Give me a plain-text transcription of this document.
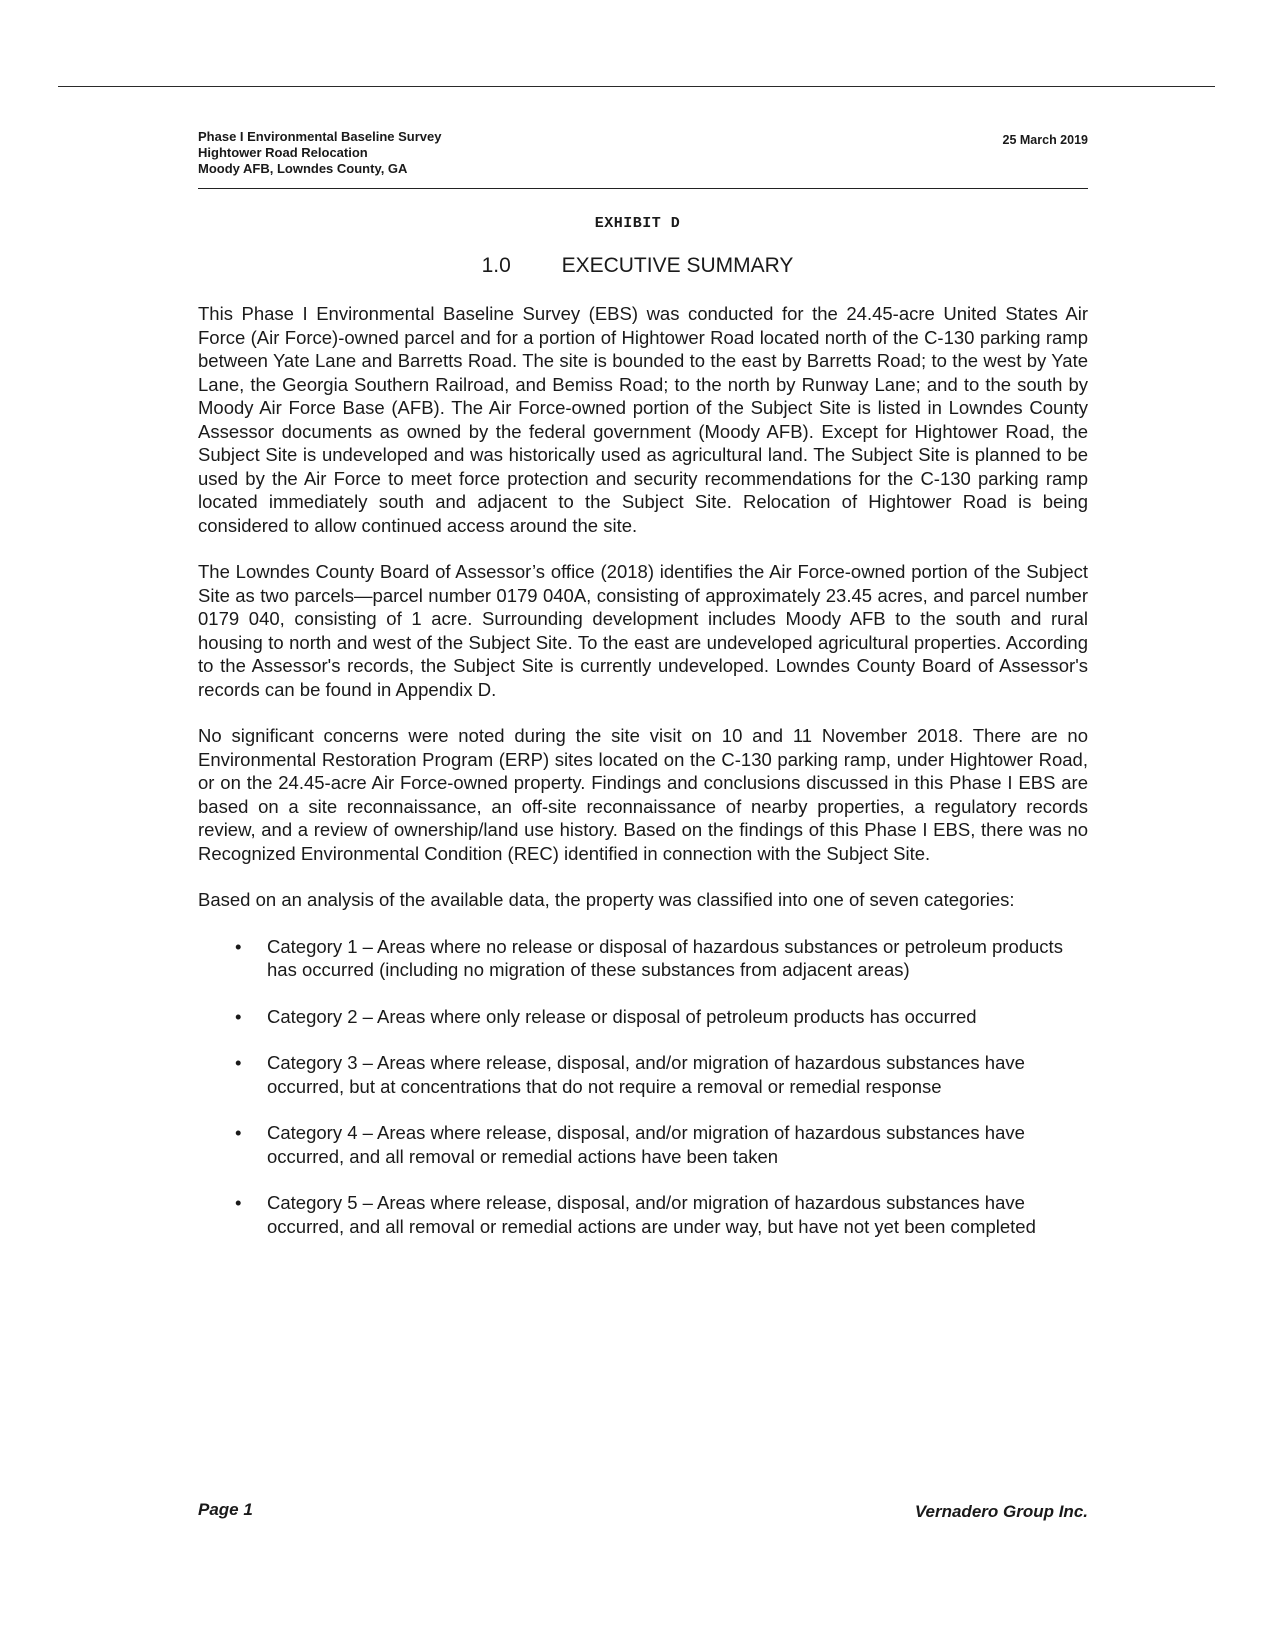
Phase I Environmental Baseline Survey
Hightower Road Relocation
Moody AFB, Lowndes County, GA
25 March 2019
EXHIBIT D
1.0 EXECUTIVE SUMMARY

This Phase I Environmental Baseline Survey (EBS) was conducted for the 24.45-acre United States Air Force (Air Force)-owned parcel and for a portion of Hightower Road located north of the C-130 parking ramp between Yate Lane and Barretts Road. The site is bounded to the east by Barretts Road; to the west by Yate Lane, the Georgia Southern Railroad, and Bemiss Road; to the north by Runway Lane; and to the south by Moody Air Force Base (AFB). The Air Force-owned portion of the Subject Site is listed in Lowndes County Assessor documents as owned by the federal government (Moody AFB). Except for Hightower Road, the Subject Site is undeveloped and was historically used as agricultural land. The Subject Site is planned to be used by the Air Force to meet force protection and security recommendations for the C-130 parking ramp located immediately south and adjacent to the Subject Site. Relocation of Hightower Road is being considered to allow continued access around the site.

The Lowndes County Board of Assessor’s office (2018) identifies the Air Force-owned portion of the Subject Site as two parcels—parcel number 0179 040A, consisting of approximately 23.45 acres, and parcel number 0179 040, consisting of 1 acre. Surrounding development includes Moody AFB to the south and rural housing to north and west of the Subject Site. To the east are undeveloped agricultural properties. According to the Assessor's records, the Subject Site is currently undeveloped. Lowndes County Board of Assessor's records can be found in Appendix D.

No significant concerns were noted during the site visit on 10 and 11 November 2018. There are no Environmental Restoration Program (ERP) sites located on the C-130 parking ramp, under Hightower Road, or on the 24.45-acre Air Force-owned property. Findings and conclusions discussed in this Phase I EBS are based on a site reconnaissance, an off-site reconnaissance of nearby properties, a regulatory records review, and a review of ownership/land use history. Based on the findings of this Phase I EBS, there was no Recognized Environmental Condition (REC) identified in connection with the Subject Site.

Based on an analysis of the available data, the property was classified into one of seven categories:

• Category 1 – Areas where no release or disposal of hazardous substances or petroleum products has occurred (including no migration of these substances from adjacent areas)
• Category 2 – Areas where only release or disposal of petroleum products has occurred
• Category 3 – Areas where release, disposal, and/or migration of hazardous substances have occurred, but at concentrations that do not require a removal or remedial response
• Category 4 – Areas where release, disposal, and/or migration of hazardous substances have occurred, and all removal or remedial actions have been taken
• Category 5 – Areas where release, disposal, and/or migration of hazardous substances have occurred, and all removal or remedial actions are under way, but have not yet been completed
Page 1	Vernadero Group Inc.
